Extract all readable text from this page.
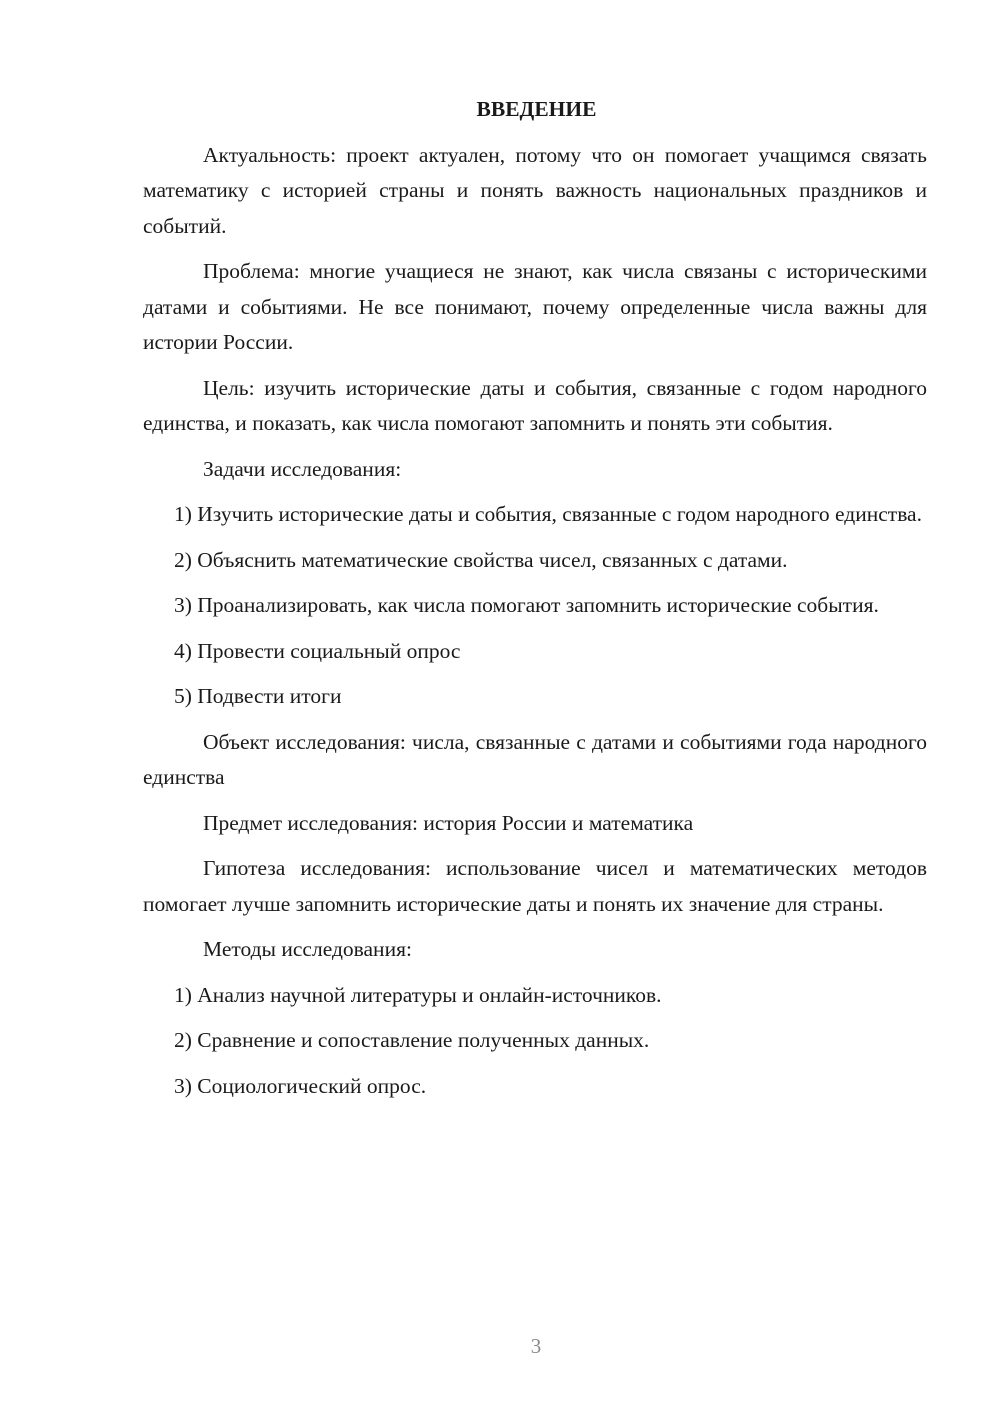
ВВЕДЕНИЕ

Актуальность: проект актуален, потому что он помогает учащимся связать математику с историей страны и понять важность национальных праздников и событий.

Проблема: многие учащиеся не знают, как числа связаны с историческими датами и событиями. Не все понимают, почему определенные числа важны для истории России.

Цель: изучить исторические даты и события, связанные с годом народного единства, и показать, как числа помогают запомнить и понять эти события.

Задачи исследования:

1) Изучить исторические даты и события, связанные с годом народного единства.

2) Объяснить математические свойства чисел, связанных с датами.

3) Проанализировать, как числа помогают запомнить исторические события.

4) Провести социальный опрос

5) Подвести итоги

Объект исследования: числа, связанные с датами и событиями года народного единства

Предмет исследования: история России и математика

Гипотеза исследования: использование чисел и математических методов помогает лучше запомнить исторические даты и понять их значение для страны.

Методы исследования:

1) Анализ научной литературы и онлайн-источников.

2) Сравнение и сопоставление полученных данных.

3) Социологический опрос.

3
